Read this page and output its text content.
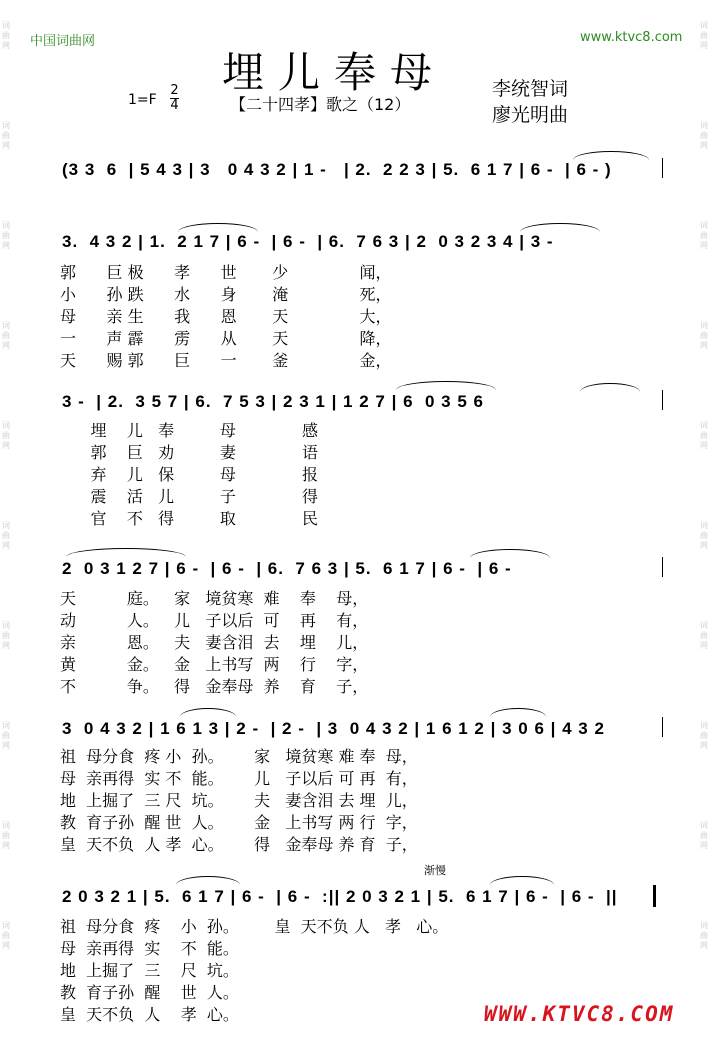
词
曲
网
词
曲
网
词
曲
网
词
曲
网
词
曲
网
词
曲
网
词
曲
网
词
曲
网
词
曲
网
词
曲
网
词
曲
网
词
曲
网
词
曲
网
词
曲
网
词
曲
网
词
曲
网
词
曲
网
词
曲
网
词
曲
网
词
曲
网
中国词曲网	www.ktvc8.com
埋儿奉母
1=F
2
4	【二十四孝】歌之（12）
李统智词
廖光明曲
(3 3  6  | 5 4 3 | 3   0 4 3 2 | 1 -   | 2.  2 2 3 | 5.  6 1 7 | 6 -  | 6 - )
3.  4 3 2 | 1.  2 1 7 | 6 -  | 6 -  | 6.  7 6 3 | 2  0 3 2 3 4 | 3 -
郭      巨 极      孝      世       少              闻，
小      孙 跌      水      身       淹              死，
母      亲 生      我      恩       天              大，
一      声 霹      雳      从       天              降，
天      赐 郭      巨      一       釜              金，
3 -  | 2.  3 5 7 | 6.  7 5 3 | 2 3 1 | 1 2 7 | 6  0 3 5 6
埋    儿   奉         母             感
郭    巨   劝         妻             语
弃    儿   保         母             报
震    活   儿         子             得
官    不   得         取             民
2  0 3 1 2 7 | 6 -  | 6 -  | 6.  7 6 3 | 5.  6 1 7 | 6 -  | 6 -
天          庭。   家   境贫寒  难    奉    母，
动          人。   儿   子以后  可    再    有，
亲          恩。   夫   妻含泪  去    埋    儿，
黄          金。   金   上书写  两    行    字，
不          争。   得   金奉母  养    育    子，
3  0 4 3 2 | 1 6 1 3 | 2 -  | 2 -  | 3  0 4 3 2 | 1 6 1 2 | 3 0 6 | 4 3 2
祖  母分食  疼 小  孙。      家   境贫寒 难 奉  母，
母  亲再得  实 不  能。      儿   子以后 可 再  有，
地  上掘了  三 尺  坑。      夫   妻含泪 去 埋  儿，
教  育子孙  醒 世  人。      金   上书写 两 行  字，
皇  天不负  人 孝  心。      得   金奉母 养 育  子，
渐慢
2 0 3 2 1 | 5.  6 1 7 | 6 -  | 6 -  :|| 2 0 3 2 1 | 5.  6 1 7 | 6 -  | 6 -  ||
祖  母分食  疼    小  孙。       皇  天不负 人   孝   心。
母  亲再得  实    不  能。
地  上掘了  三    尺  坑。
教  育子孙  醒    世  人。
皇  天不负  人    孝  心。	WWW.KTVC8.COM
